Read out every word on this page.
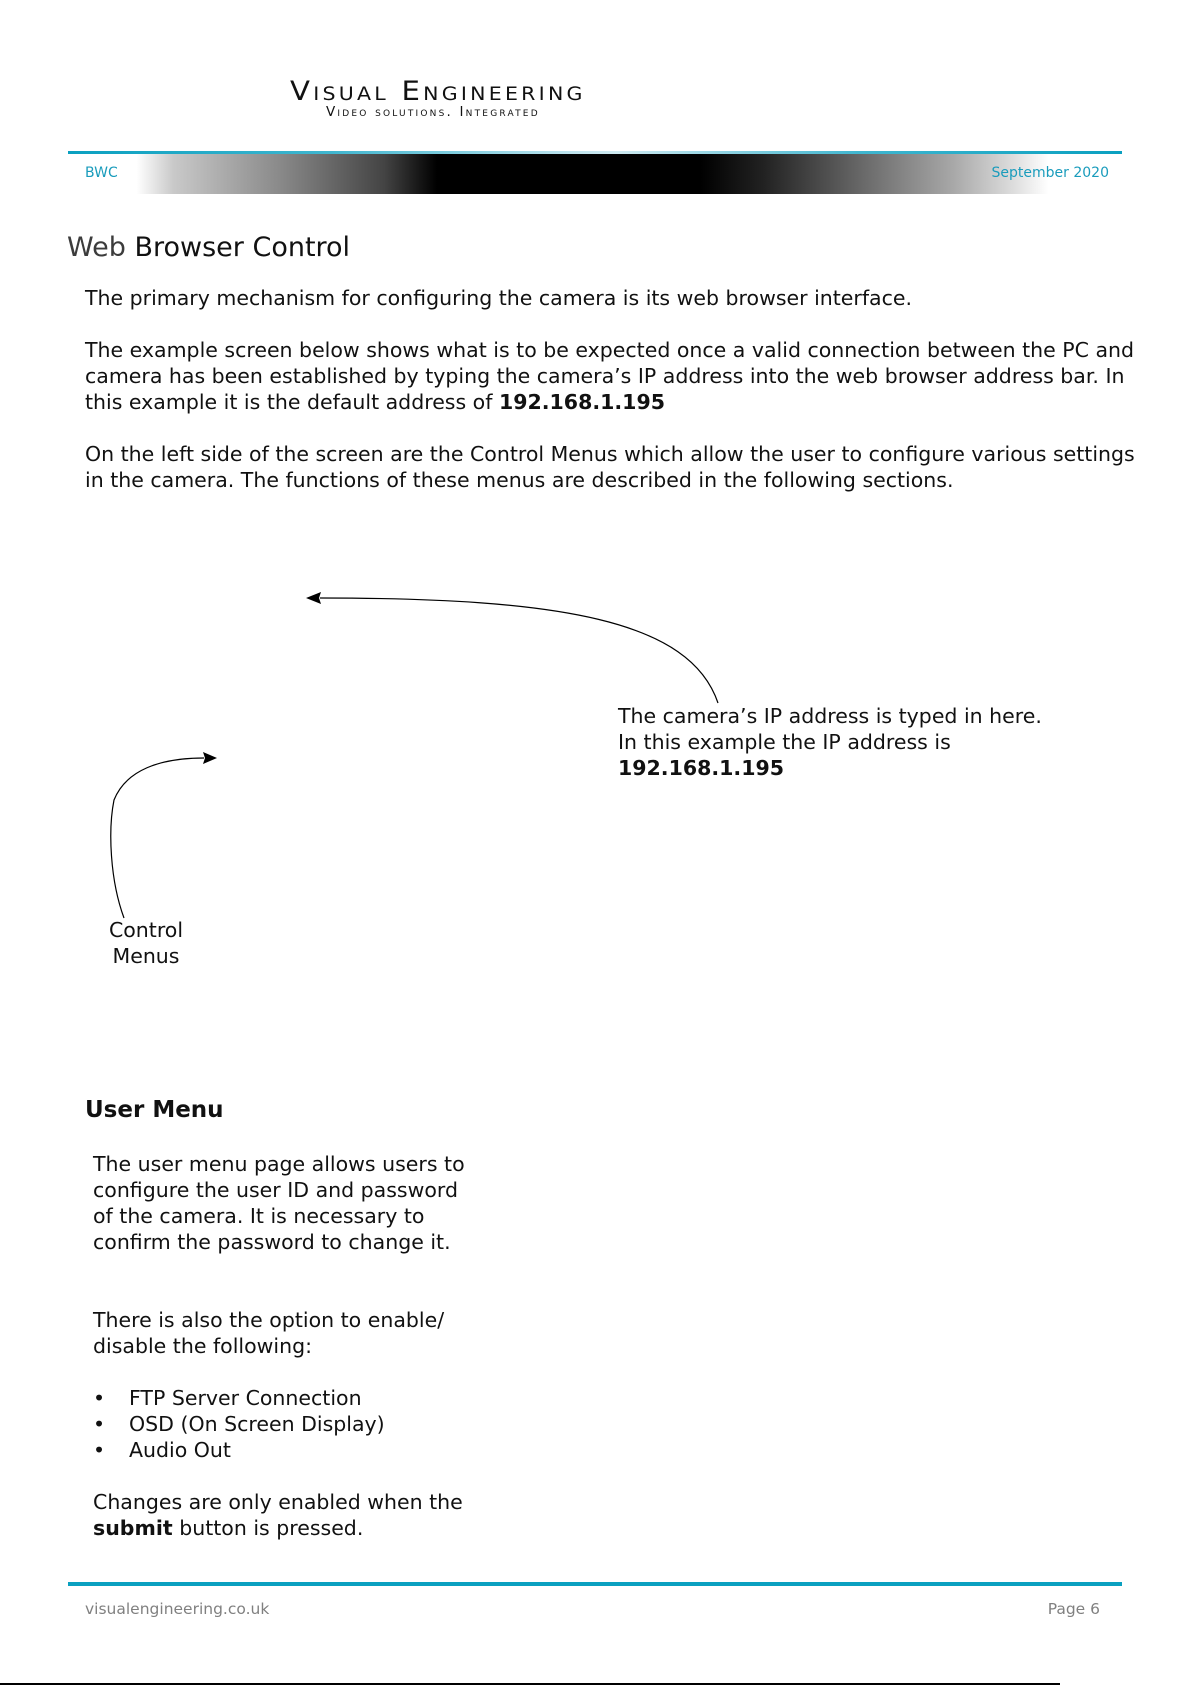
Visual Engineering
Video solutions. Integrated
BWC	September 2020
Web Browser Control
The primary mechanism for configuring the camera is its web browser interface.
The example screen below shows what is to be expected once a valid connection between the PC and camera has been established by typing the camera’s IP address into the web browser address bar. In this example it is the default address of 192.168.1.195
On the left side of the screen are the Control Menus which allow the user to configure various settings in the camera. The functions of these menus are described in the following sections.
The camera’s IP address is typed in here.
In this example the IP address is
192.168.1.195
Control
Menus
User Menu
The user menu page allows users to configure the user ID and password of the camera. It is necessary to confirm the password to change it.
There is also the option to enable/ disable the following:
• FTP Server Connection
• OSD (On Screen Display)
• Audio Out
Changes are only enabled when the submit button is pressed.
visualengineering.co.uk	Page 6
